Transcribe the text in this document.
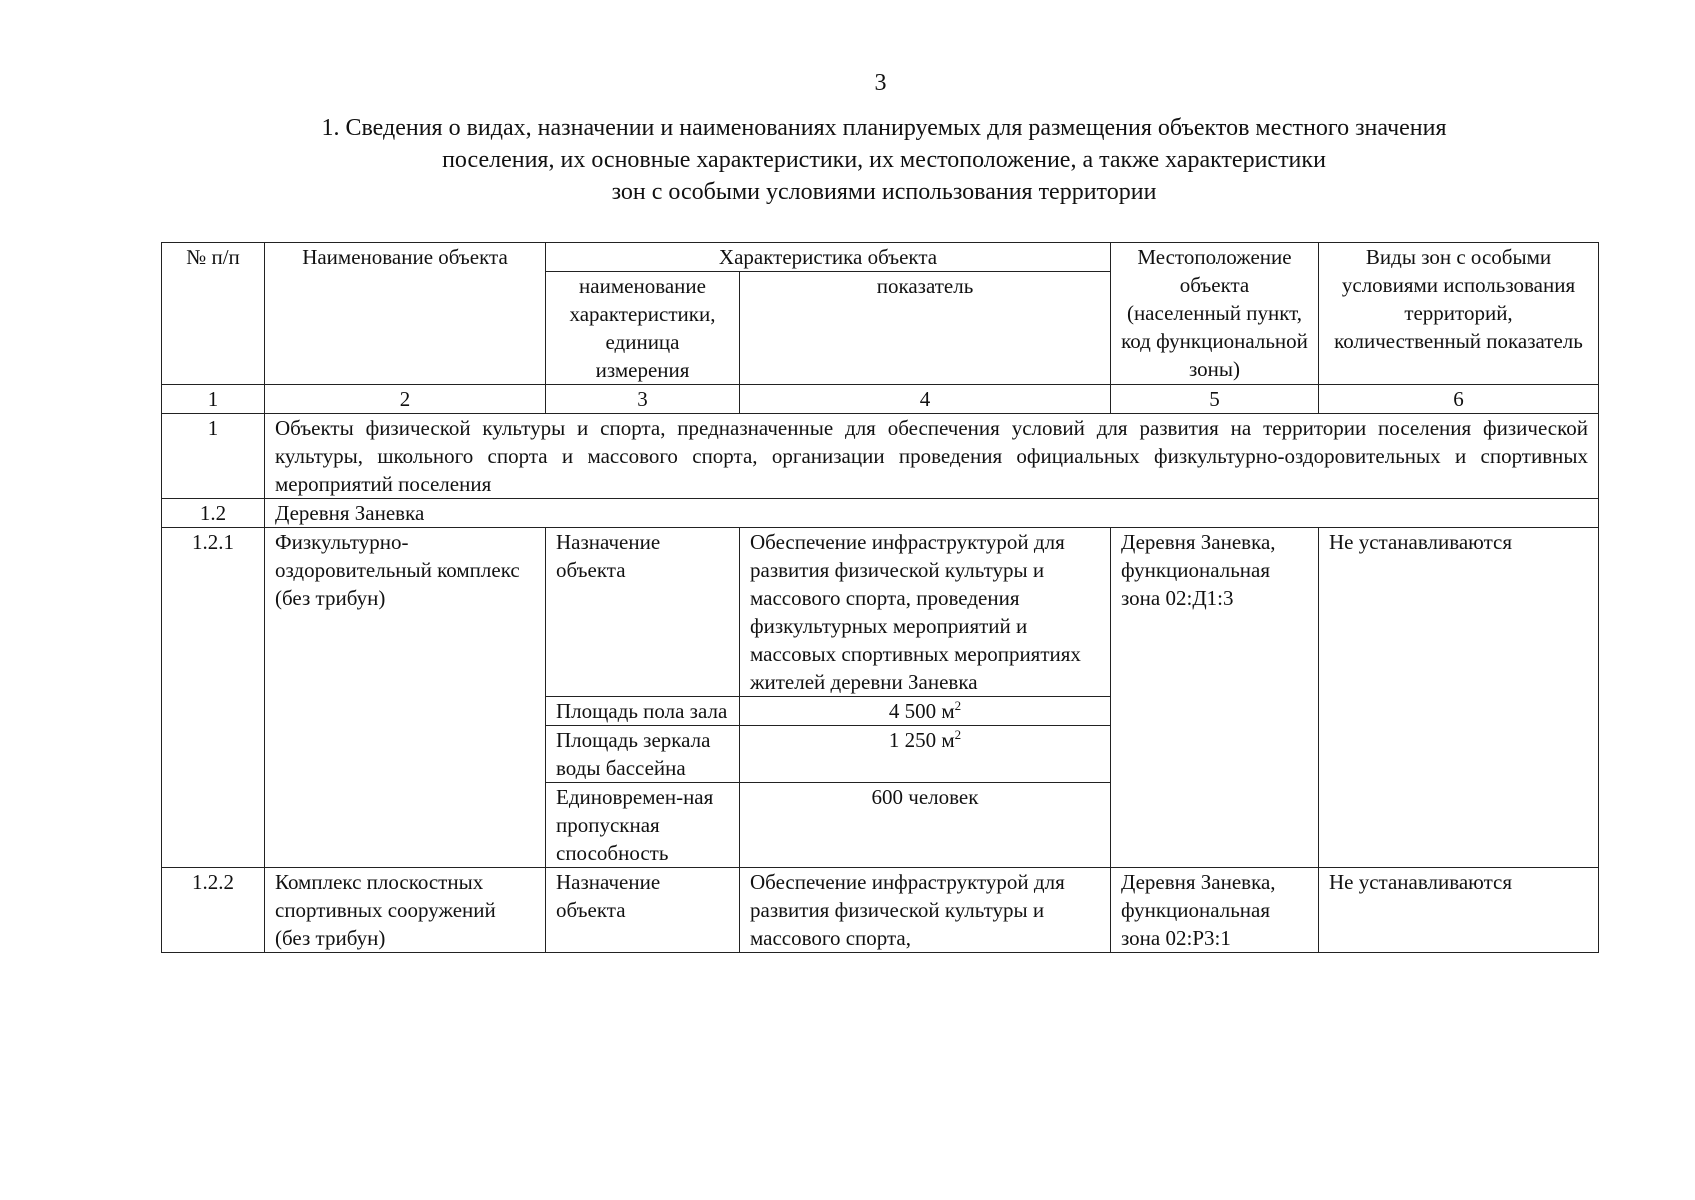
3
1. Сведения о видах, назначении и наименованиях планируемых для размещения объектов местного значения
поселения, их основные характеристики, их местоположение, а также характеристики
зон с особыми условиями использования территории
№ п/п	Наименование объекта	Характеристика объекта		Местоположение объекта (населенный пункт, код функциональной зоны)	Виды зон с особыми условиями использования территорий, количественный показатель
		наименование характеристики, единица измерения	показатель		
1	2	3	4	5	6
1	Объекты физической культуры и спорта, предназначенные для обеспечения условий для развития на территории поселения физической культуры, школьного спорта и массового спорта, организации проведения официальных физкультурно-оздоровительных и спортивных мероприятий поселения				
1.2	Деревня Заневка				
1.2.1	Физкультурно-оздоровительный комплекс (без трибун)	Назначение объекта	Обеспечение инфраструктурой для развития физической культуры и массового спорта, проведения физкультурных мероприятий и массовых спортивных мероприятиях жителей деревни Заневка	Деревня Заневка, функциональная зона 02:Д1:3	Не устанавливаются
		Площадь пола зала	4 500 $м^2$
		Площадь зеркала воды бассейна	1 250 $м^2$
		Единовремен-ная пропускная способность	600 человек		
1.2.2	Комплекс плоскостных спортивных сооружений (без трибун)	Назначение объекта	Обеспечение инфраструктурой для развития физической культуры и массового спорта,	Деревня Заневка, функциональная зона 02:Р3:1	Не устанавливаются
